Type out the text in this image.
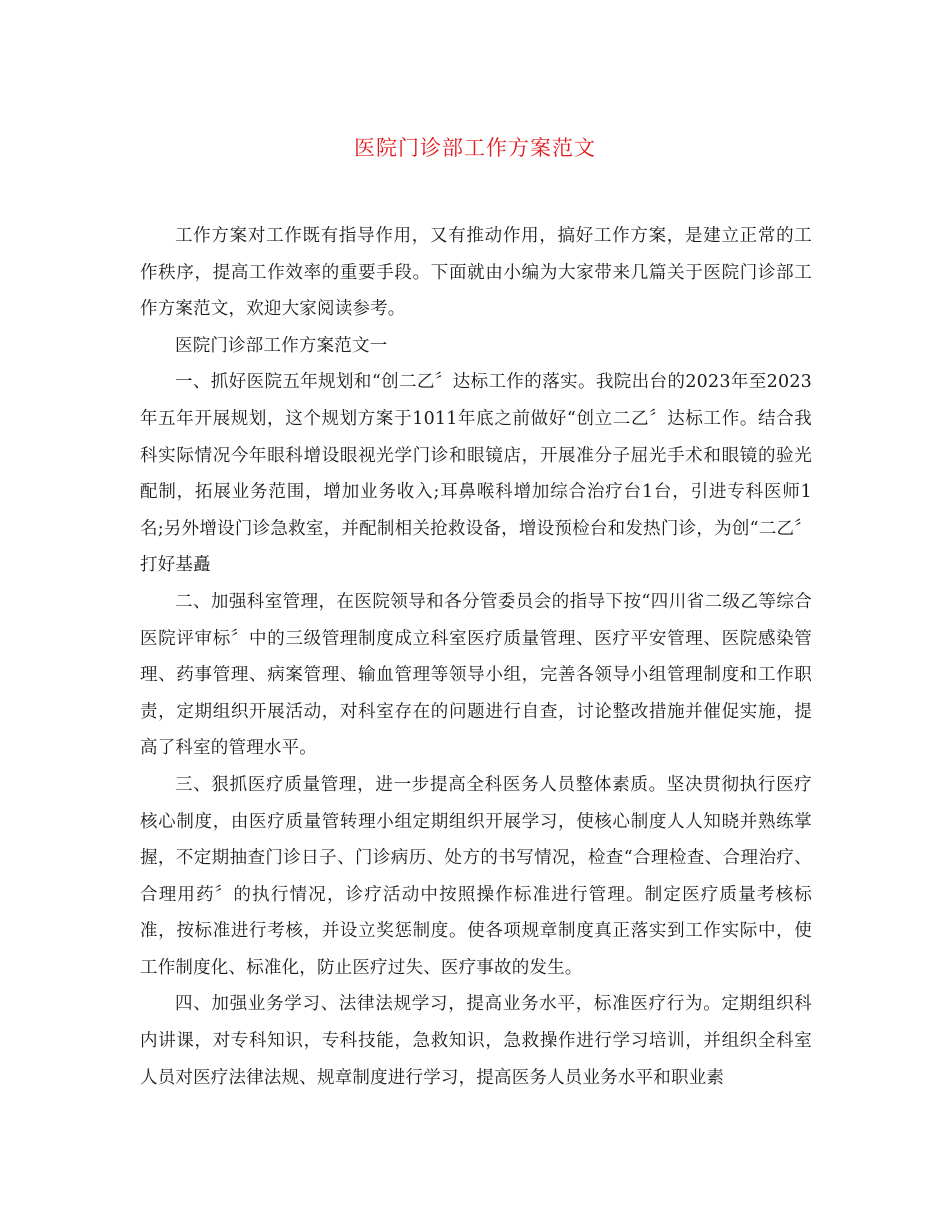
医院门诊部工作方案范文

工作方案对工作既有指导作用，又有推动作用，搞好工作方案，是建立正常的工作秩序，提高工作效率的重要手段。下面就由小编为大家带来几篇关于医院门诊部工作方案范文，欢迎大家阅读参考。

医院门诊部工作方案范文一

一、抓好医院五年规划和“创二乙〞达标工作的落实。我院出台的2023年至2023年五年开展规划，这个规划方案于1011年底之前做好“创立二乙〞达标工作。结合我科实际情况今年眼科增设眼视光学门诊和眼镜店，开展准分子屈光手术和眼镜的验光配制，拓展业务范围，增加业务收入;耳鼻喉科增加综合治疗台1台，引进专科医师1名;另外增设门诊急救室，并配制相关抢救设备，增设预检台和发热门诊，为创“二乙〞打好基矗

二、加强科室管理，在医院领导和各分管委员会的指导下按“四川省二级乙等综合医院评审标〞中的三级管理制度成立科室医疗质量管理、医疗平安管理、医院感染管理、药事管理、病案管理、输血管理等领导小组，完善各领导小组管理制度和工作职责，定期组织开展活动，对科室存在的问题进行自查，讨论整改措施并催促实施，提高了科室的管理水平。

三、狠抓医疗质量管理，进一步提高全科医务人员整体素质。坚决贯彻执行医疗核心制度，由医疗质量管转理小组定期组织开展学习，使核心制度人人知晓并熟练掌握，不定期抽查门诊日子、门诊病历、处方的书写情况，检查“合理检查、合理治疗、合理用药〞的执行情况，诊疗活动中按照操作标准进行管理。制定医疗质量考核标准，按标准进行考核，并设立奖惩制度。使各项规章制度真正落实到工作实际中，使工作制度化、标准化，防止医疗过失、医疗事故的发生。

四、加强业务学习、法律法规学习，提高业务水平，标准医疗行为。定期组织科内讲课，对专科知识，专科技能，急救知识，急救操作进行学习培训，并组织全科室人员对医疗法律法规、规章制度进行学习，提高医务人员业务水平和职业素
